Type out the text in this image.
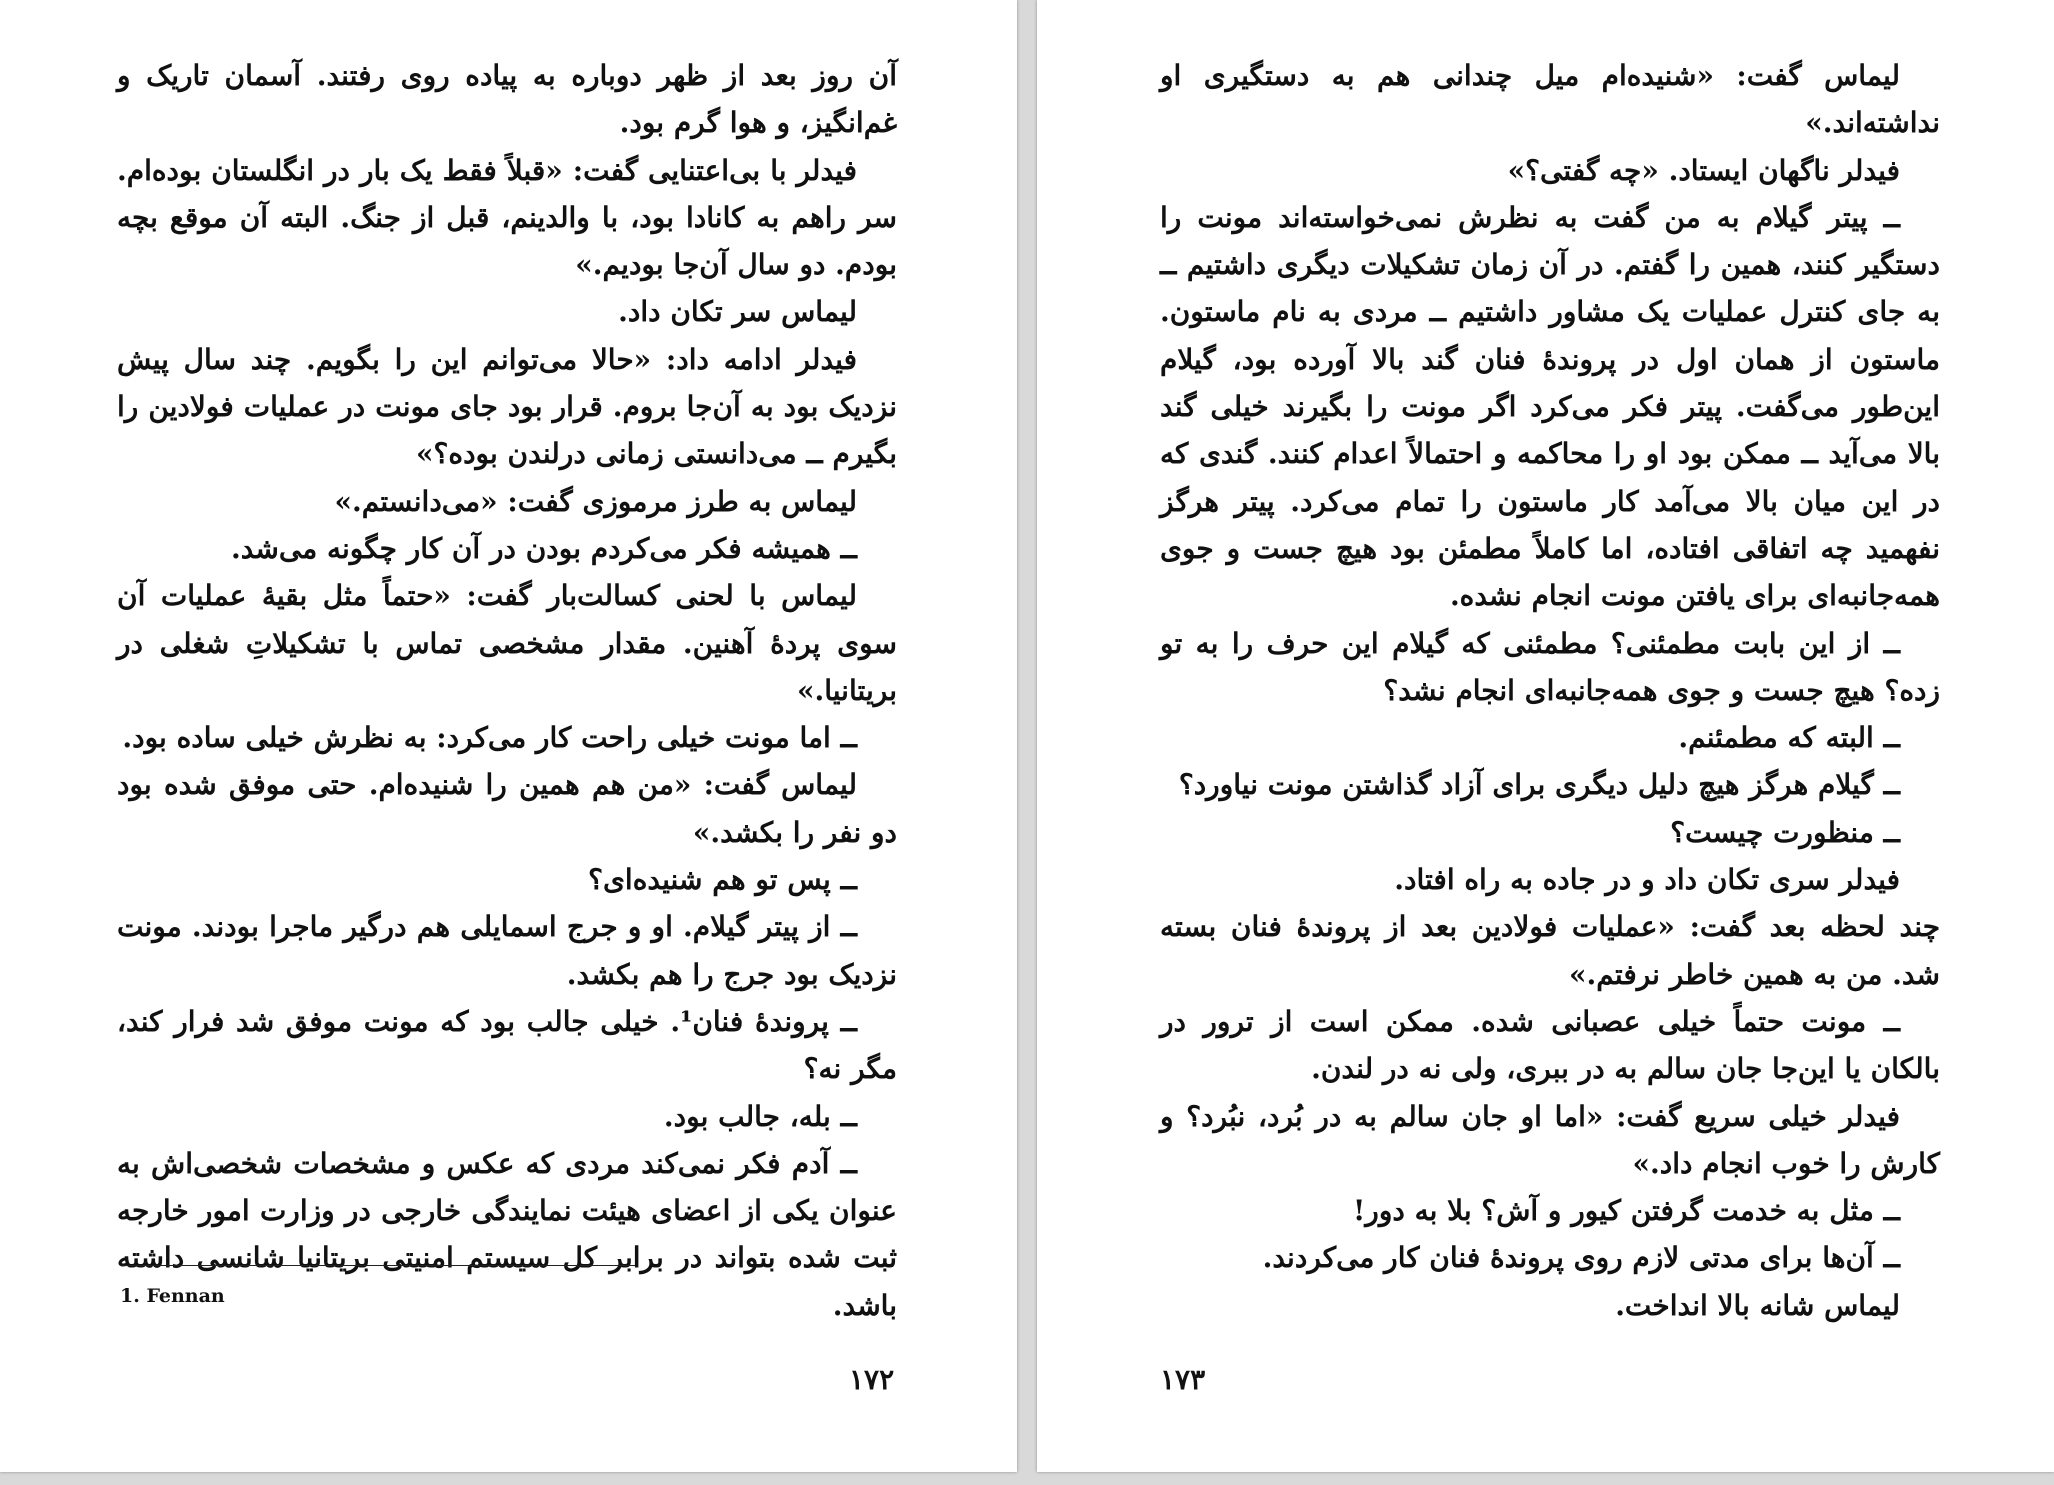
آن روز بعد از ظهر دوباره به پیاده روی رفتند. آسمان تاریک و غم‌انگیز، و هوا گرم بود.

فیدلر با بی‌اعتنایی گفت: «قبلاً فقط یک بار در انگلستان بوده‌ام. سر راهم به کانادا بود، با والدینم، قبل از جنگ. البته آن موقع بچه بودم. دو سال آن‌جا بودیم.»

لیماس سر تکان داد.

فیدلر ادامه داد: «حالا می‌توانم این را بگویم. چند سال پیش نزدیک بود به آن‌جا بروم. قرار بود جای مونت در عملیات فولادین را بگیرم ــ می‌دانستی زمانی درلندن بوده؟»

لیماس به طرز مرموزی گفت: «می‌دانستم.»

ــ همیشه فکر می‌کردم بودن در آن کار چگونه می‌شد.

لیماس با لحنی کسالت‌بار گفت: «حتماً مثل بقیهٔ عملیات آن سوی پردهٔ آهنین. مقدار مشخصی تماس با تشکیلاتِ شغلی در بریتانیا.»

ــ اما مونت خیلی راحت کار می‌کرد: به نظرش خیلی ساده بود.

لیماس گفت: «من هم همین را شنیده‌ام. حتی موفق شده بود دو نفر را بکشد.»

ــ پس تو هم شنیده‌ای؟

ــ از پیتر گیلام. او و جرج اسمایلی هم درگیر ماجرا بودند. مونت نزدیک بود جرج را هم بکشد.

ــ پروندهٔ فنان¹. خیلی جالب بود که مونت موفق شد فرار کند، مگر نه؟

ــ بله، جالب بود.

ــ آدم فکر نمی‌کند مردی که عکس و مشخصات شخصی‌اش به عنوان یکی از اعضای هیئت نمایندگی خارجی در وزارت امور خارجه ثبت شده بتواند در برابر کل سیستم امنیتی بریتانیا شانسی داشته باشد.

1. Fennan
۱۷۲

لیماس گفت: «شنیده‌ام میل چندانی هم به دستگیری او نداشته‌اند.»

فیدلر ناگهان ایستاد. «چه گفتی؟»

ــ پیتر گیلام به من گفت به نظرش نمی‌خواسته‌اند مونت را دستگیر کنند، همین را گفتم. در آن زمان تشکیلات دیگری داشتیم ــ به جای کنترل عملیات یک مشاور داشتیم ــ مردی به نام ماستون. ماستون از همان اول در پروندهٔ فنان گند بالا آورده بود، گیلام این‌طور می‌گفت. پیتر فکر می‌کرد اگر مونت را بگیرند خیلی گند بالا می‌آید ــ ممکن بود او را محاکمه و احتمالاً اعدام کنند. گندی که در این میان بالا می‌آمد کار ماستون را تمام می‌کرد. پیتر هرگز نفهمید چه اتفاقی افتاده، اما کاملاً مطمئن بود هیچ جست و جوی همه‌جانبه‌ای برای یافتن مونت انجام نشده.

ــ از این بابت مطمئنی؟ مطمئنی که گیلام این حرف را به تو زده؟ هیچ جست و جوی همه‌جانبه‌ای انجام نشد؟

ــ البته که مطمئنم.

ــ گیلام هرگز هیچ دلیل دیگری برای آزاد گذاشتن مونت نیاورد؟

ــ منظورت چیست؟

فیدلر سری تکان داد و در جاده به راه افتاد.

چند لحظه بعد گفت: «عملیات فولادین بعد از پروندهٔ فنان بسته شد. من به همین خاطر نرفتم.»

ــ مونت حتماً خیلی عصبانی شده. ممکن است از ترور در بالکان یا این‌جا جان سالم به در ببری، ولی نه در لندن.

فیدلر خیلی سریع گفت: «اما او جان سالم به در بُرد، نبُرد؟ و کارش را خوب انجام داد.»

ــ مثل به خدمت گرفتن کیور و آش؟ بلا به دور!

ــ آن‌ها برای مدتی لازم روی پروندهٔ فنان کار می‌کردند.

لیماس شانه بالا انداخت.

۱۷۳
